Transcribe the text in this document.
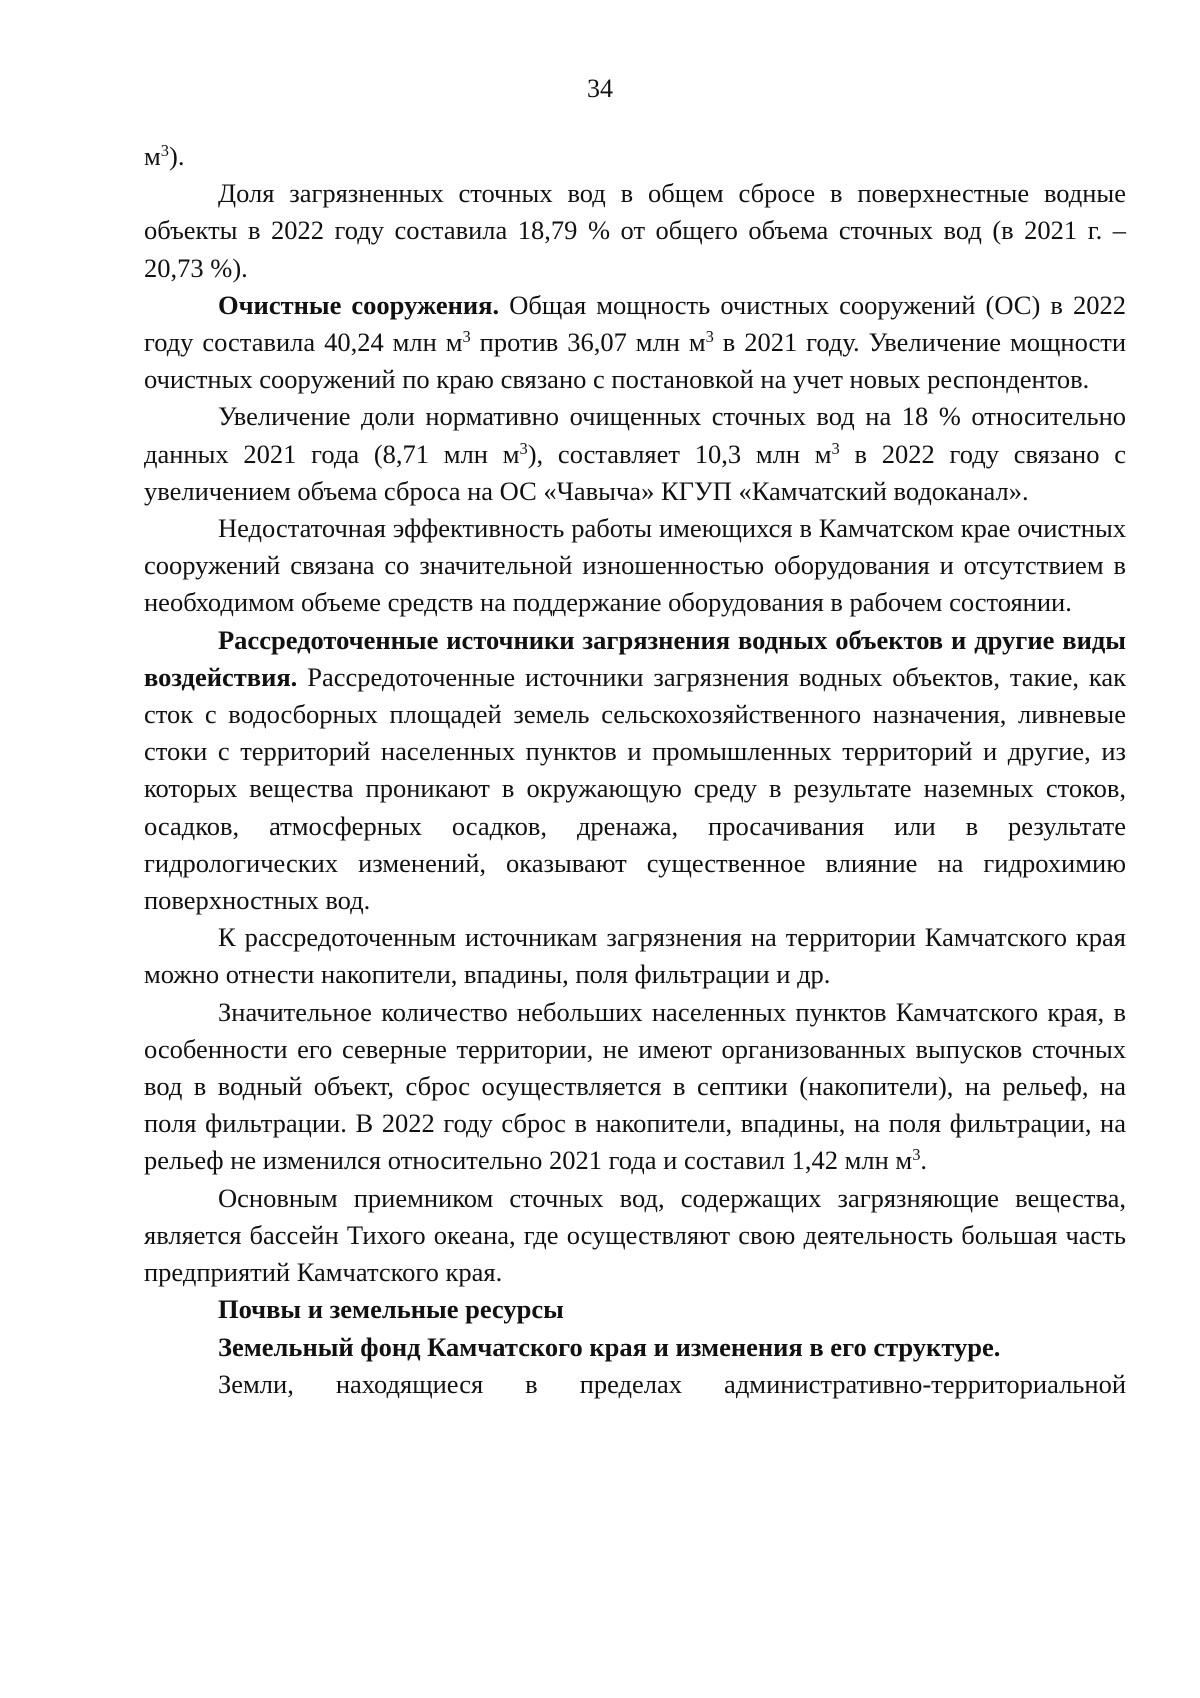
34

$м^3$).

Доля загрязненных сточных вод в общем сбросе в поверхнестные водные объекты в 2022 году составила 18,79 % от общего объема сточных вод (в 2021 г. – 20,73 %).

Очистные сооружения. Общая мощность очистных сооружений (ОС) в 2022 году составила 40,24 млн $м^3$ против 36,07 млн $м^3$ в 2021 году. Увеличение мощности очистных сооружений по краю связано с постановкой на учет новых респондентов.

Увеличение доли нормативно очищенных сточных вод на 18 % относительно данных 2021 года (8,71 млн $м^3$), составляет 10,3 млн $м^3$ в 2022 году связано с увеличением объема сброса на ОС «Чавыча» КГУП «Камчатский водоканал».

Недостаточная эффективность работы имеющихся в Камчатском крае очистных сооружений связана со значительной изношенностью оборудования и отсутствием в необходимом объеме средств на поддержание оборудования в рабочем состоянии.

Рассредоточенные источники загрязнения водных объектов и другие виды воздействия. Рассредоточенные источники загрязнения водных объектов, такие, как сток с водосборных площадей земель сельскохозяйственного назначения, ливневые стоки с территорий населенных пунктов и промышленных территорий и другие, из которых вещества проникают в окружающую среду в результате наземных стоков, осадков, атмосферных осадков, дренажа, просачивания или в результате гидрологических изменений, оказывают существенное влияние на гидрохимию поверхностных вод.

К рассредоточенным источникам загрязнения на территории Камчатского края можно отнести накопители, впадины, поля фильтрации и др.

Значительное количество небольших населенных пунктов Камчатского края, в особенности его северные территории, не имеют организованных выпусков сточных вод в водный объект, сброс осуществляется в септики (накопители), на рельеф, на поля фильтрации. В 2022 году сброс в накопители, впадины, на поля фильтрации, на рельеф не изменился относительно 2021 года и составил 1,42 млн $м^3$.

Основным приемником сточных вод, содержащих загрязняющие вещества, является бассейн Тихого океана, где осуществляют свою деятельность большая часть предприятий Камчатского края.

Почвы и земельные ресурсы

Земельный фонд Камчатского края и изменения в его структуре.

Земли, находящиеся в пределах административно-территориальной
